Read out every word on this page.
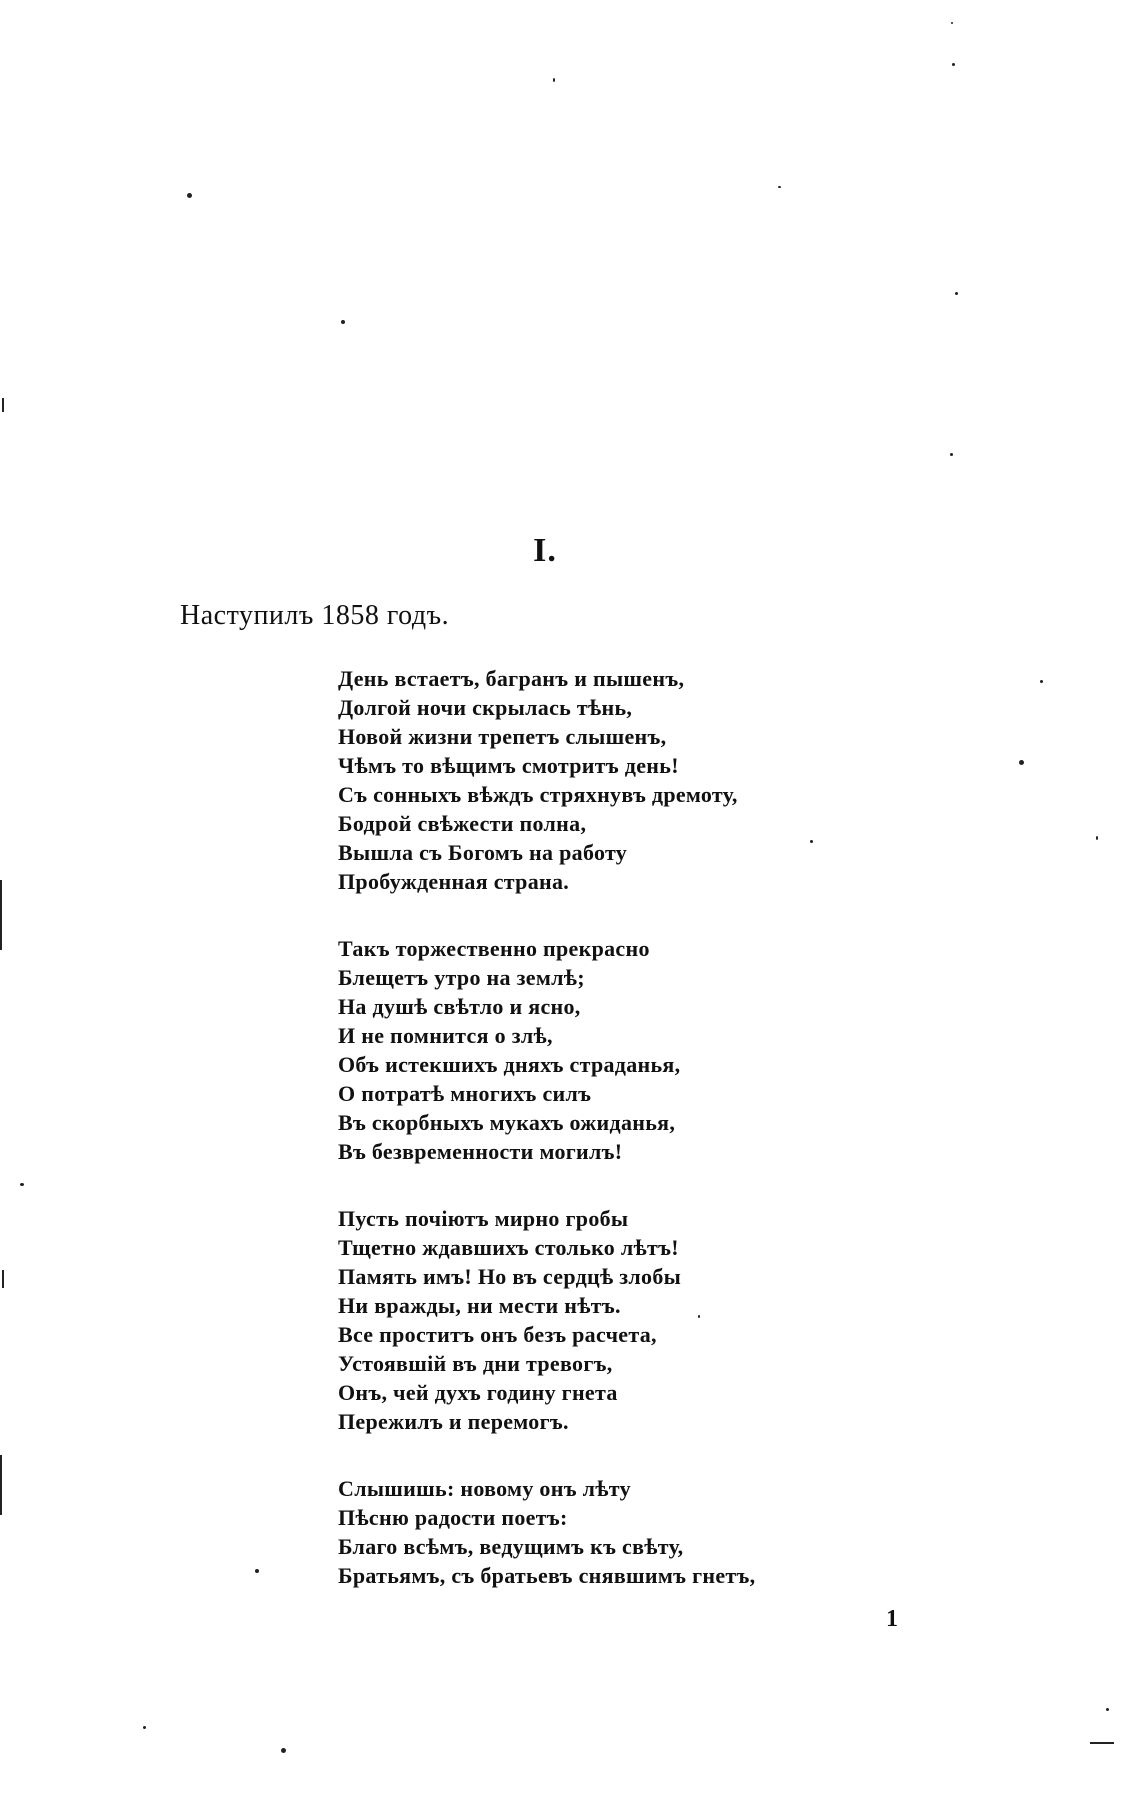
I.
Наступилъ 1858 годъ.
День встаетъ, багранъ и пышенъ,
Долгой ночи скрылась тѣнь,
Новой жизни трепетъ слышенъ,
Чѣмъ то вѣщимъ смотритъ день!
Съ сонныхъ вѣждъ стряхнувъ дремоту,
Бодрой свѣжести полна,
Вышла съ Богомъ на работу
Пробужденная страна.
Такъ торжественно прекрасно
Блещетъ утро на землѣ;
На душѣ свѣтло и ясно,
И не помнится о злѣ,
Объ истекшихъ дняхъ страданья,
О потратѣ многихъ силъ
Въ скорбныхъ мукахъ ожиданья,
Въ безвременности могилъ!
Пусть почіютъ мирно гробы
Тщетно ждавшихъ столько лѣтъ!
Память имъ! Но въ сердцѣ злобы
Ни вражды, ни мести нѣтъ.
Все проститъ онъ безъ расчета,
Устоявшій въ дни тревогъ,
Онъ, чей духъ годину гнета
Пережилъ и перемогъ.
Слышишь: новому онъ лѣту
Пѣсню радости поетъ:
Благо всѣмъ, ведущимъ къ свѣту,
Братьямъ, съ братьевъ снявшимъ гнетъ,
1
